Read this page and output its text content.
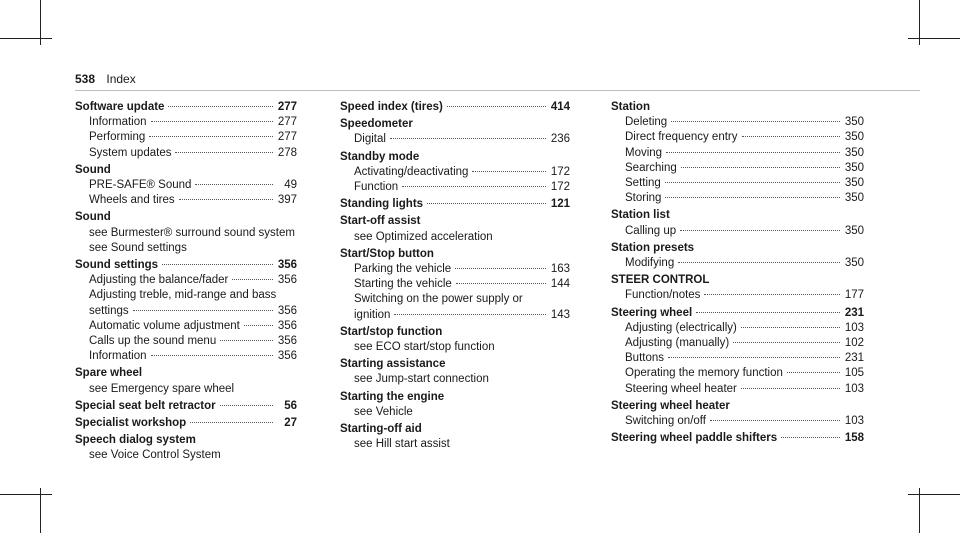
538 Index
Software update	277
Information	277
Performing	277
System updates	278
Sound
PRE-SAFE® Sound	49
Wheels and tires	397
Sound
see Burmester® surround sound system
see Sound settings
Sound settings	356
Adjusting the balance/fader	356
Adjusting treble, mid-range and bass
settings	356
Automatic volume adjustment	356
Calls up the sound menu	356
Information	356
Spare wheel
see Emergency spare wheel
Special seat belt retractor	56
Specialist workshop	27
Speech dialog system
see Voice Control System
Speed index (tires)	414
Speedometer
Digital	236
Standby mode
Activating/deactivating	172
Function	172
Standing lights	121
Start-off assist
see Optimized acceleration
Start/Stop button
Parking the vehicle	163
Starting the vehicle	144
Switching on the power supply or
ignition	143
Start/stop function
see ECO start/stop function
Starting assistance
see Jump-start connection
Starting the engine
see Vehicle
Starting-off aid
see Hill start assist
Station
Deleting	350
Direct frequency entry	350
Moving	350
Searching	350
Setting	350
Storing	350
Station list
Calling up	350
Station presets
Modifying	350
STEER CONTROL
Function/notes	177
Steering wheel	231
Adjusting (electrically)	103
Adjusting (manually)	102
Buttons	231
Operating the memory function	105
Steering wheel heater	103
Steering wheel heater
Switching on/off	103
Steering wheel paddle shifters	158
